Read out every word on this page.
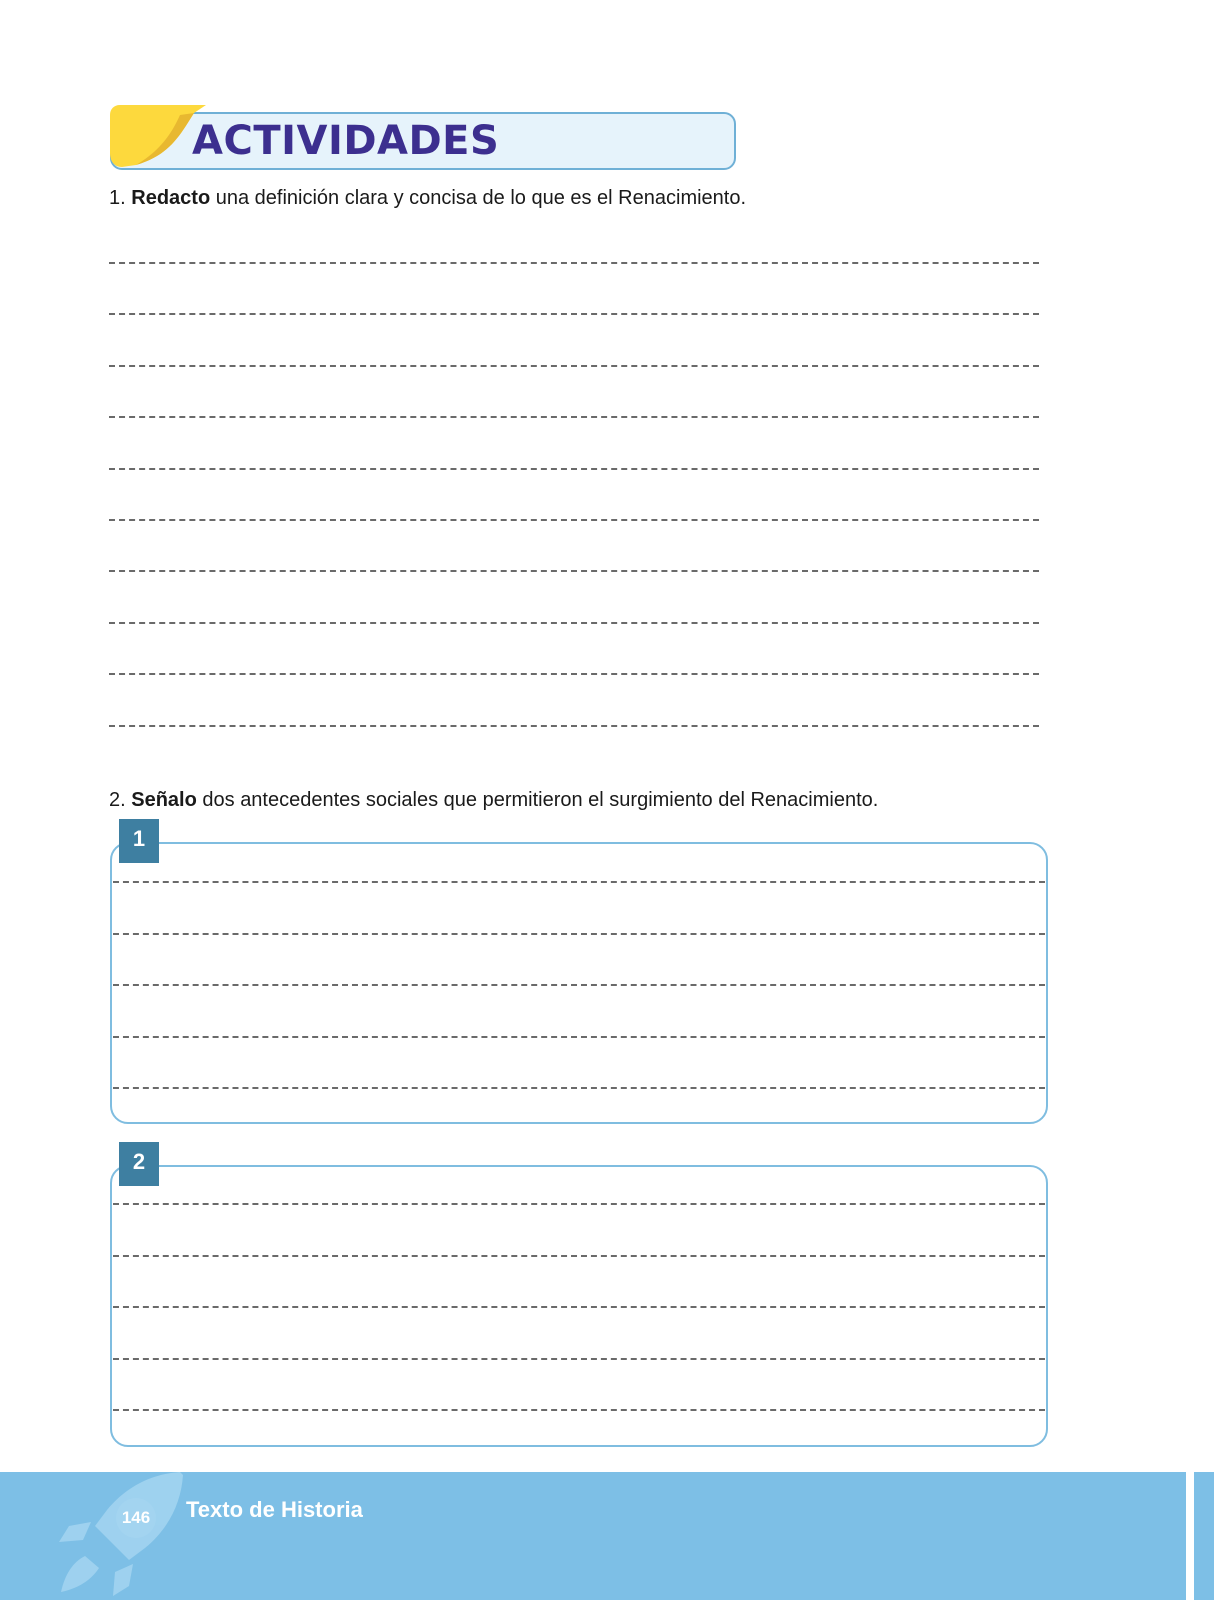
ACTIVIDADES
1. Redacto una definición clara y concisa de lo que es el Renacimiento.
2. Señalo dos antecedentes sociales que permitieron el surgimiento del Renacimiento.
1
2
146 Texto de Historia
